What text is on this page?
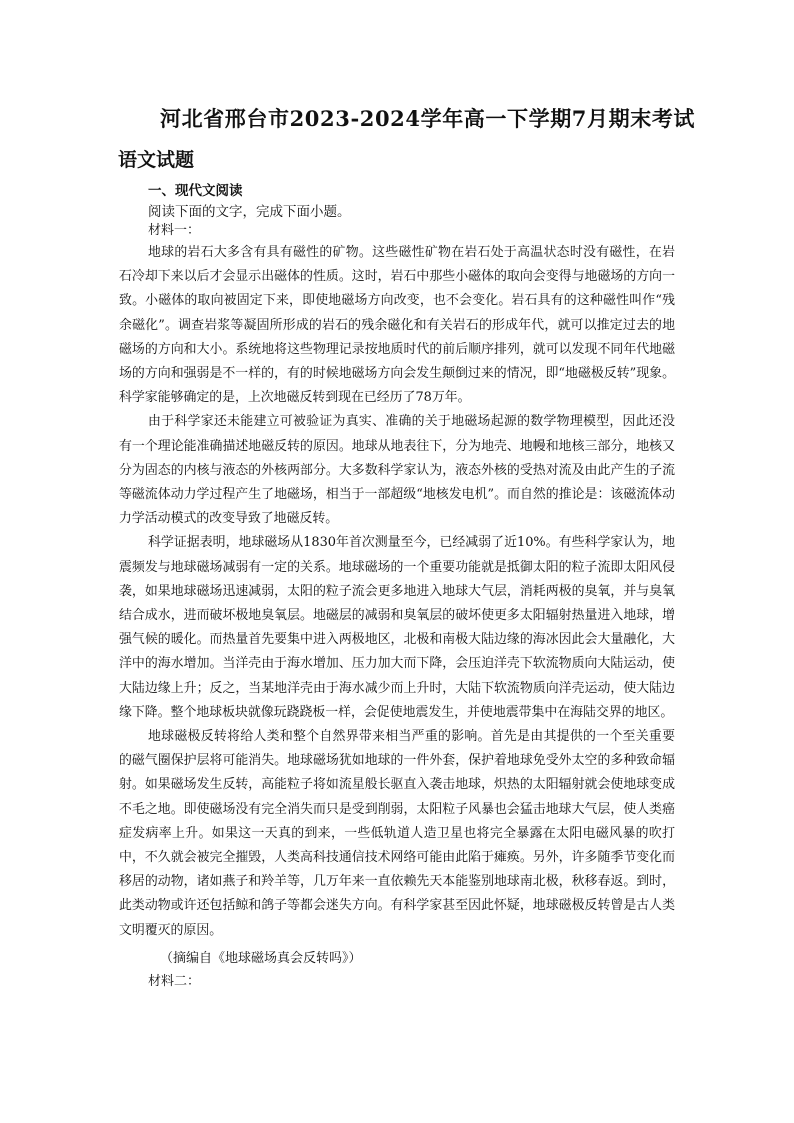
河北省邢台市2023-2024学年高一下学期7月期末考试
语文试题
一、现代文阅读
阅读下面的文字，完成下面小题。
材料一：

地球的岩石大多含有具有磁性的矿物。这些磁性矿物在岩石处于高温状态时没有磁性，在岩石冷却下来以后才会显示出磁体的性质。这时，岩石中那些小磁体的取向会变得与地磁场的方向一致。小磁体的取向被固定下来，即使地磁场方向改变，也不会变化。岩石具有的这种磁性叫作“残余磁化”。调查岩浆等凝固所形成的岩石的残余磁化和有关岩石的形成年代，就可以推定过去的地磁场的方向和大小。系统地将这些物理记录按地质时代的前后顺序排列，就可以发现不同年代地磁场的方向和强弱是不一样的，有的时候地磁场方向会发生颠倒过来的情况，即“地磁极反转”现象。科学家能够确定的是，上次地磁反转到现在已经历了78万年。

由于科学家还未能建立可被验证为真实、准确的关于地磁场起源的数学物理模型，因此还没有一个理论能准确描述地磁反转的原因。地球从地表往下，分为地壳、地幔和地核三部分，地核又分为固态的内核与液态的外核两部分。大多数科学家认为，液态外核的受热对流及由此产生的子流等磁流体动力学过程产生了地磁场，相当于一部超级“地核发电机”。而自然的推论是：该磁流体动力学活动模式的改变导致了地磁反转。

科学证据表明，地球磁场从1830年首次测量至今，已经减弱了近10%。有些科学家认为，地震频发与地球磁场减弱有一定的关系。地球磁场的一个重要功能就是抵御太阳的粒子流即太阳风侵袭，如果地球磁场迅速减弱，太阳的粒子流会更多地进入地球大气层，消耗两极的臭氧，并与臭氧结合成水，进而破坏极地臭氧层。地磁层的减弱和臭氧层的破坏使更多太阳辐射热量进入地球，增强气候的暖化。而热量首先要集中进入两极地区，北极和南极大陆边缘的海冰因此会大量融化，大洋中的海水增加。当洋壳由于海水增加、压力加大而下降，会压迫洋壳下软流物质向大陆运动，使大陆边缘上升；反之，当某地洋壳由于海水减少而上升时，大陆下软流物质向洋壳运动，使大陆边缘下降。整个地球板块就像玩跷跷板一样，会促使地震发生，并使地震带集中在海陆交界的地区。

地球磁极反转将给人类和整个自然界带来相当严重的影响。首先是由其提供的一个至关重要的磁气圈保护层将可能消失。地球磁场犹如地球的一件外套，保护着地球免受外太空的多种致命辐射。如果磁场发生反转，高能粒子将如流星般长驱直入袭击地球，炽热的太阳辐射就会使地球变成不毛之地。即使磁场没有完全消失而只是受到削弱，太阳粒子风暴也会猛击地球大气层，使人类癌症发病率上升。如果这一天真的到来，一些低轨道人造卫星也将完全暴露在太阳电磁风暴的吹打中，不久就会被完全摧毁，人类高科技通信技术网络可能由此陷于瘫痪。另外，许多随季节变化而移居的动物，诸如燕子和羚羊等，几万年来一直依赖先天本能鉴别地球南北极，秋移春返。到时，此类动物或许还包括鲸和鸽子等都会迷失方向。有科学家甚至因此怀疑，地球磁极反转曾是古人类文明覆灭的原因。

（摘编自《地球磁场真会反转吗》）
材料二：
